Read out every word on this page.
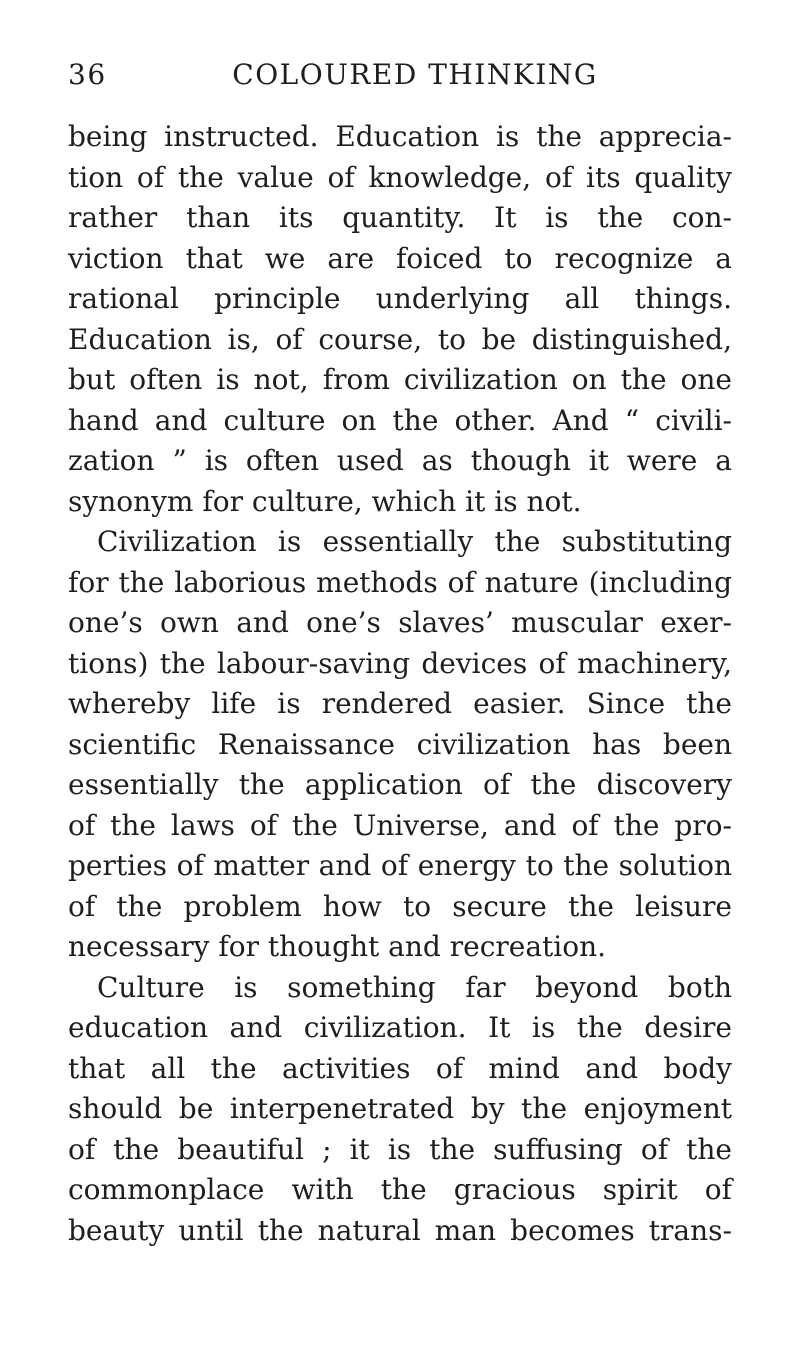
36	COLOURED THINKING
being instructed. Education is the apprecia-
tion of the value of knowledge, of its quality
rather than its quantity. It is the con-
viction that we are foiced to recognize a
rational principle underlying all things.
Education is, of course, to be distinguished,
but often is not, from civilization on the one
hand and culture on the other. And “ civili-
zation ” is often used as though it were a
synonym for culture, which it is not.
Civilization is essentially the substituting
for the laborious methods of nature (including
one’s own and one’s slaves’ muscular exer-
tions) the labour-saving devices of machinery,
whereby life is rendered easier. Since the
scientific Renaissance civilization has been
essentially the application of the discovery
of the laws of the Universe, and of the pro-
perties of matter and of energy to the solution
of the problem how to secure the leisure
necessary for thought and recreation.
Culture is something far beyond both
education and civilization. It is the desire
that all the activities of mind and body
should be interpenetrated by the enjoyment
of the beautiful ; it is the suffusing of the
commonplace with the gracious spirit of
beauty until the natural man becomes trans-
